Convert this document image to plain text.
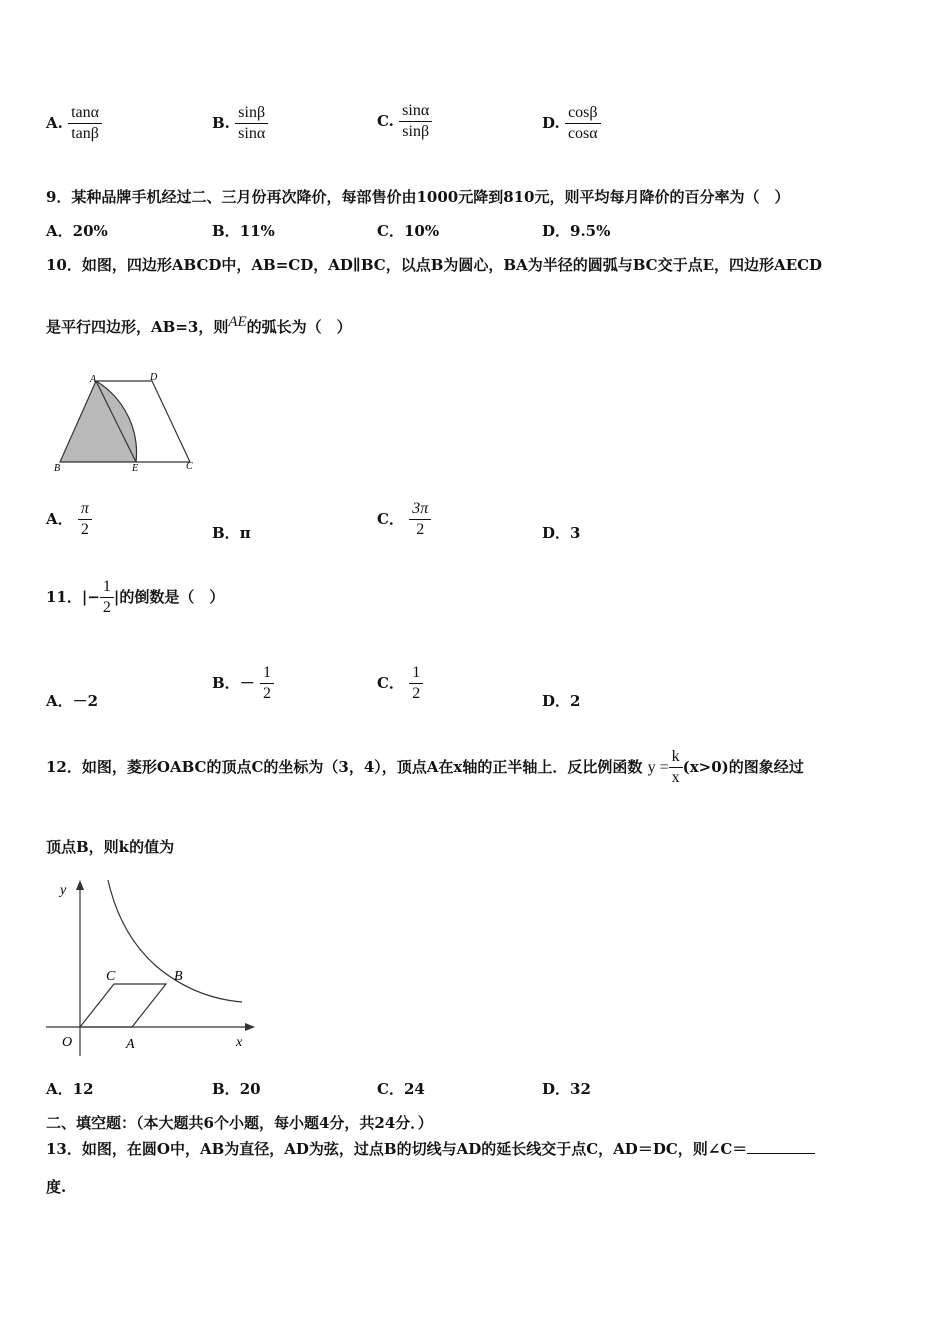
A. $\frac{\tan\alpha}{\tan\beta}$	B. $\frac{\sin\beta}{\sin\alpha}$	C. $\frac{\sin\alpha}{\sin\beta}$	D. $\frac{\cos\beta}{\cos\alpha}$
9．某种品牌手机经过二、三月份再次降价，每部售价由1000元降到810元，则平均每月降价的百分率为（　）
A．20%	B．11%	C．10%	D．9.5%
10．如图，四边形ABCD中，AB=CD，AD∥BC，以点B为圆心，BA为半径的圆弧与BC交于点E，四边形AECD
是平行四边形，AB=3，则AE的弧长为（　）
A	D
B	E	C
A． $\frac{\pi}{2}$	B．π
C． $\frac{3\pi}{2}$	D．3
11．|− $\frac{1}{2}$ |的倒数是（　）
A．－2
B．－ $\frac{1}{2}$	C． $\frac{1}{2}$	D．2
12．如图，菱形OABC的顶点C的坐标为（3，4），顶点A在x轴的正半轴上．反比例函数 $y = \frac{k}{x} (x>0)$的图象经过
顶点B，则k的值为
y
x
O	A
B
C
A．12	B．20	C．24	D．32
二、填空题：（本大题共6个小题，每小题4分，共24分．）
13．如图，在圆O中，AB为直径，AD为弦，过点B的切线与AD的延长线交于点C，AD＝DC，则∠C＝
度.
